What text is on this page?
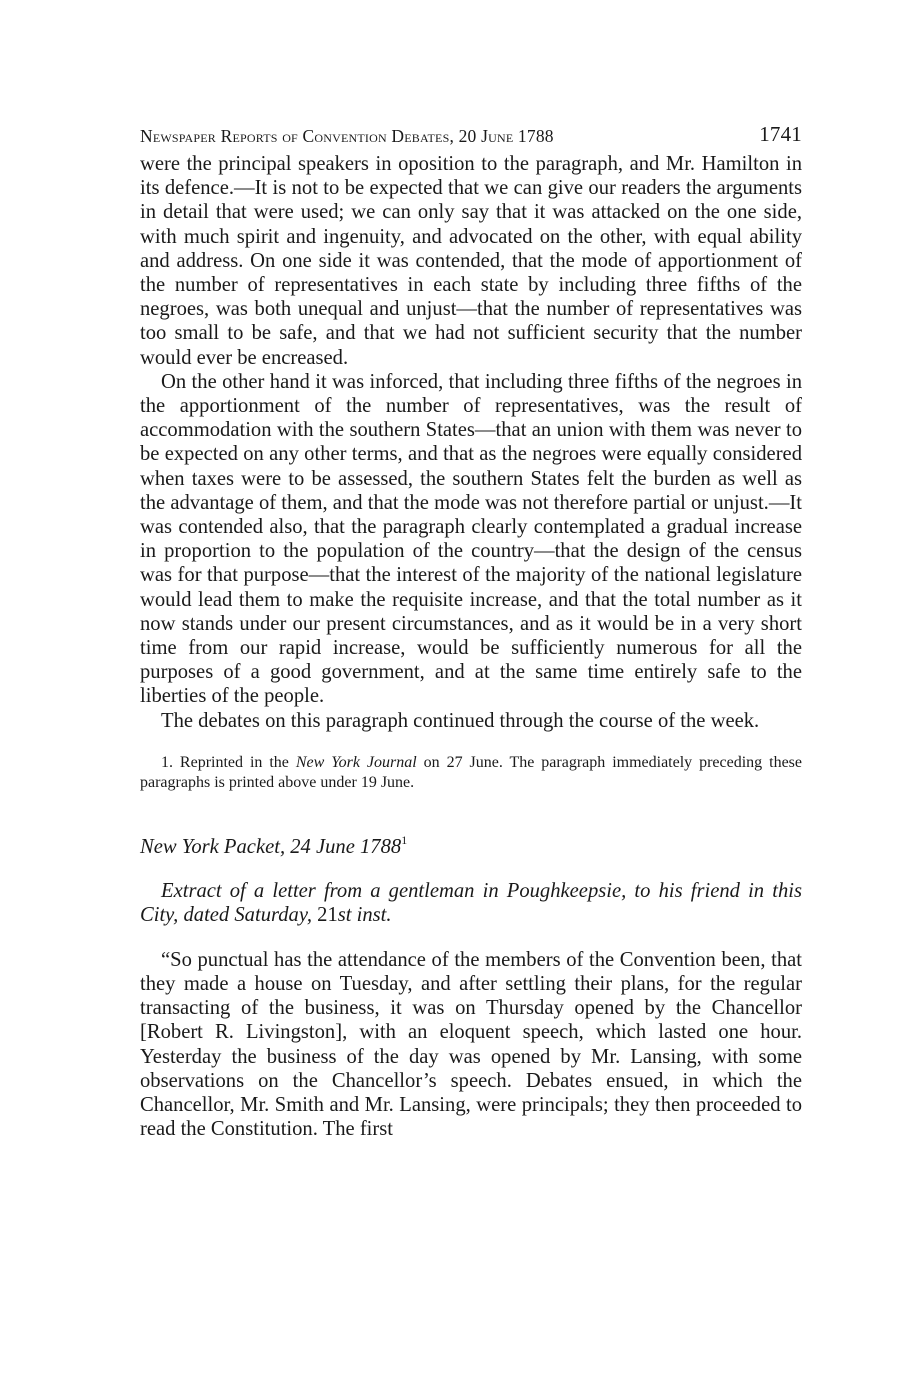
Newspaper Reports of Convention Debates, 20 June 1788	1741

were the principal speakers in oposition to the paragraph, and Mr. Hamilton in its defence.—It is not to be expected that we can give our readers the arguments in detail that were used; we can only say that it was attacked on the one side, with much spirit and ingenuity, and advocated on the other, with equal ability and address. On one side it was contended, that the mode of apportionment of the number of representatives in each state by including three fifths of the negroes, was both unequal and unjust—that the number of representatives was too small to be safe, and that we had not sufficient security that the number would ever be encreased.

On the other hand it was inforced, that including three fifths of the negroes in the apportionment of the number of representatives, was the result of accommodation with the southern States—that an union with them was never to be expected on any other terms, and that as the negroes were equally considered when taxes were to be assessed, the southern States felt the burden as well as the advantage of them, and that the mode was not therefore partial or unjust.—It was contended also, that the paragraph clearly contemplated a gradual increase in proportion to the population of the country—that the design of the census was for that purpose—that the interest of the majority of the national legislature would lead them to make the requisite increase, and that the total number as it now stands under our present circumstances, and as it would be in a very short time from our rapid increase, would be sufficiently numerous for all the purposes of a good government, and at the same time entirely safe to the liberties of the people.

The debates on this paragraph continued through the course of the week.

1. Reprinted in the New York Journal on 27 June. The paragraph immediately preceding these paragraphs is printed above under 19 June.

New York Packet, 24 June 1788$^1$

Extract of a letter from a gentleman in Poughkeepsie, to his friend in this City, dated Saturday, 21st inst.

“So punctual has the attendance of the members of the Convention been, that they made a house on Tuesday, and after settling their plans, for the regular transacting of the business, it was on Thursday opened by the Chancellor [Robert R. Livingston], with an eloquent speech, which lasted one hour. Yesterday the business of the day was opened by Mr. Lansing, with some observations on the Chancellor’s speech. Debates ensued, in which the Chancellor, Mr. Smith and Mr. Lansing, were principals; they then proceeded to read the Constitution. The first
